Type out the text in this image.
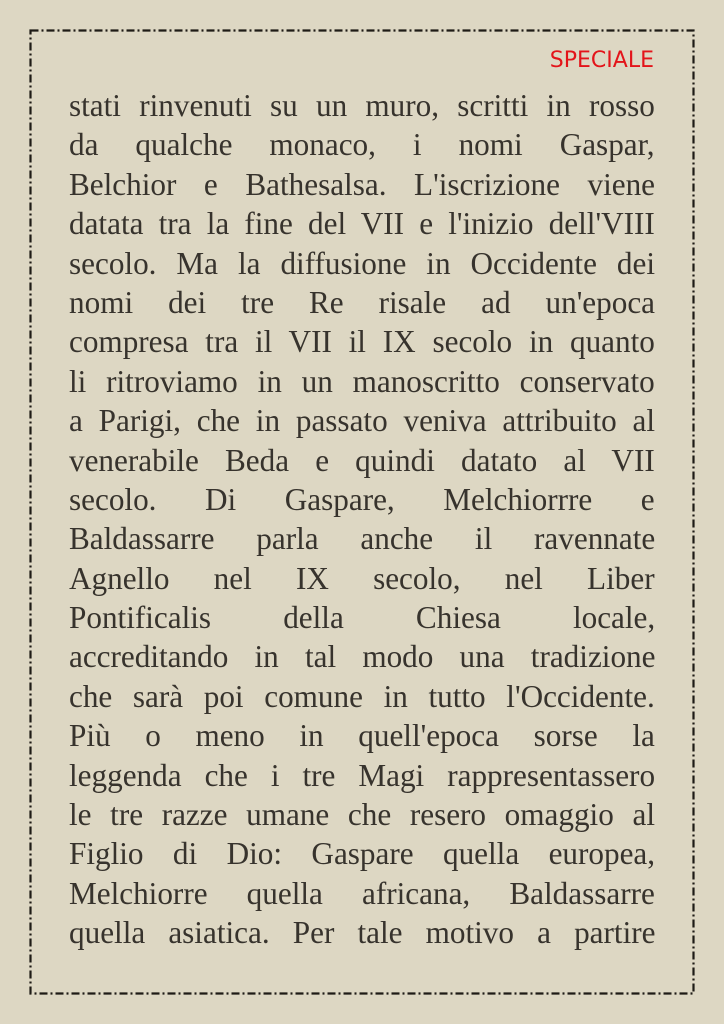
SPECIALE
stati rinvenuti su un muro, scritti in rosso
da qualche monaco, i nomi Gaspar,
Belchior e Bathesalsa. L'iscrizione viene
datata tra la fine del VII e l'inizio dell'VIII
secolo. Ma la diffusione in Occidente dei
nomi dei tre Re risale ad un'epoca
compresa tra il VII il IX secolo in quanto
li ritroviamo in un manoscritto conservato
a Parigi, che in passato veniva attribuito al
venerabile Beda e quindi datato al VII
secolo. Di Gaspare, Melchiorrre e
Baldassarre parla anche il ravennate
Agnello nel IX secolo, nel Liber
Pontificalis della Chiesa locale,
accreditando in tal modo una tradizione
che sarà poi comune in tutto l'Occidente.
Più o meno in quell'epoca sorse la
leggenda che i tre Magi rappresentassero
le tre razze umane che resero omaggio al
Figlio di Dio: Gaspare quella europea,
Melchiorre quella africana, Baldassarre
quella asiatica. Per tale motivo a partire
